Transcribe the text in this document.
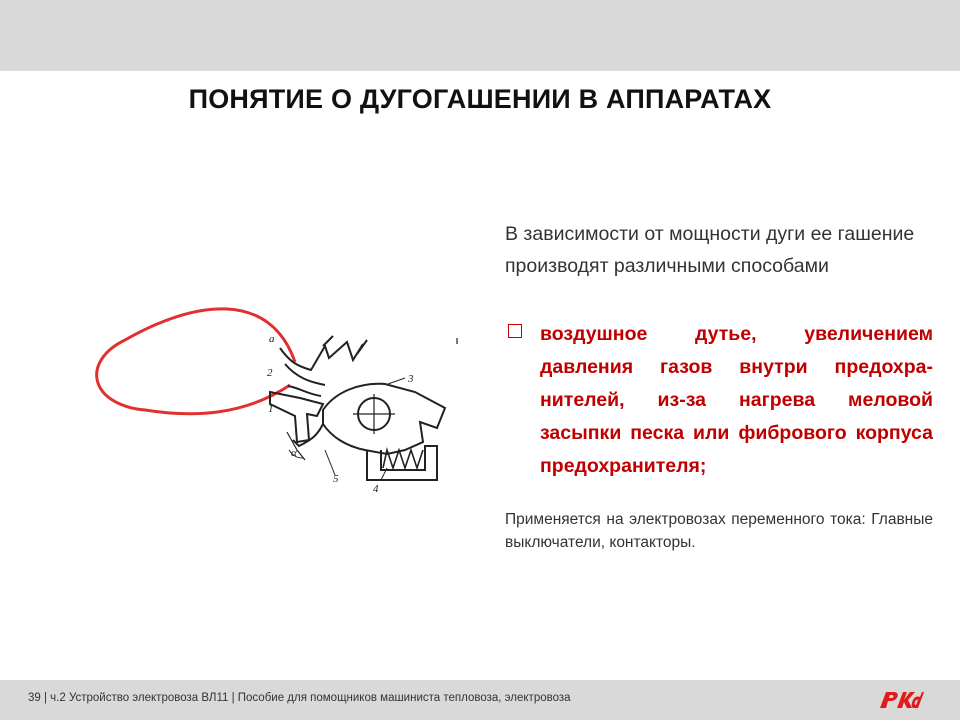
ПОНЯТИЕ О ДУГОГАШЕНИИ В АППАРАТАХ
а
2
1
3
4
5
α
В зависимости от мощности дуги ее гашение производят различными способами
воздушное дутье, увеличением давления газов внутри предохра-нителей, из-за нагрева меловой засыпки песка или фибрового корпуса предохранителя;
Применяется на электровозах переменного тока: Главные выключатели, контакторы.
39 | ч.2 Устройство электровоза ВЛ11 | Пособие для помощников машиниста тепловоза, электровоза
